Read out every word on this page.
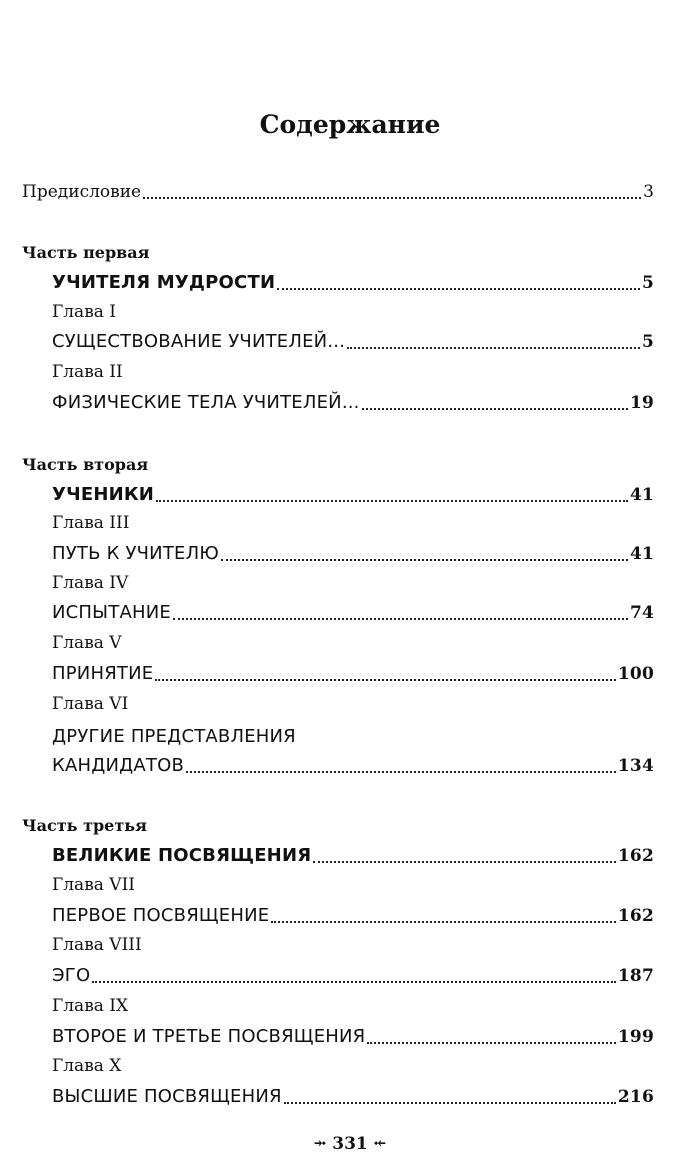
Содержание
Предисловие	3
Часть первая
УЧИТЕЛЯ МУДРОСТИ	5
Глава I
СУЩЕСТВОВАНИЕ УЧИТЕЛЕЙ...	5
Глава II
ФИЗИЧЕСКИЕ ТЕЛА УЧИТЕЛЕЙ...	19
Часть вторая
УЧЕНИКИ	41
Глава III
ПУТЬ К УЧИТЕЛЮ	41
Глава IV
ИСПЫТАНИЕ	74
Глава V
ПРИНЯТИЕ	100
Глава VI
ДРУГИЕ ПРЕДСТАВЛЕНИЯ
КАНДИДАТОВ	134
Часть третья
ВЕЛИКИЕ ПОСВЯЩЕНИЯ	162
Глава VII
ПЕРВОЕ ПОСВЯЩЕНИЕ	162
Глава VIII
ЭГО	187
Глава IX
ВТОРОЕ И ТРЕТЬЕ ПОСВЯЩЕНИЯ	199
Глава X
ВЫСШИЕ ПОСВЯЩЕНИЯ	216
⤞ 331 ⤝
